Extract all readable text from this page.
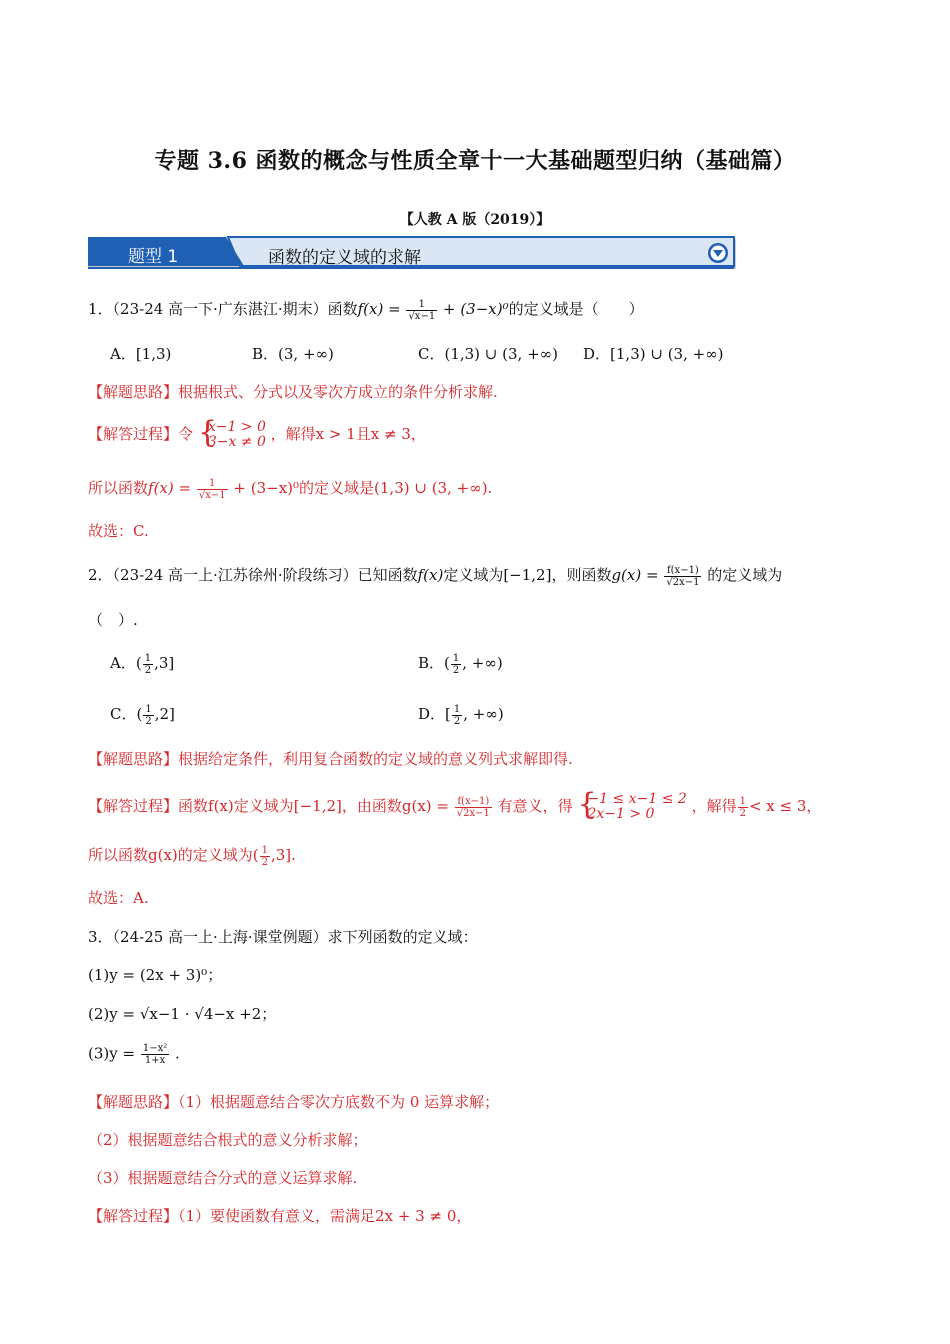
专题 3.6 函数的概念与性质全章十一大基础题型归纳（基础篇）
【人教 A 版（2019）】
题型 1	函数的定义域的求解
1．（23-24 高一下·广东湛江·期末）函数$f(x) = \frac{1}{√x-1} + (3-x)^0$的定义域是（　　）
A．[1,3)	B．(3, +∞)	C．(1,3) ∪ (3, +∞) D．[1,3) ∪ (3, +∞)
【解题思路】根据根式、分式以及零次方成立的条件分析求解.
【解答过程】令 { x−1 > 0
3−x ≠ 0 ，解得x > 1且x ≠ 3，
所以函数$f(x) = \frac{1}{√x-1} + (3-x)^0$的定义域是(1,3) ∪ (3, +∞).
故选：C.
2．（23-24 高一上·江苏徐州·阶段练习）已知函数f(x)定义域为[−1,2]，则函数$g(x) = \frac{f(x-1)}{√2x-1}$ 的定义域为
（　）.
A．( $\frac{1}{2} ,3$]	B．( $\frac{1}{2}$ , +∞)
C．( $\frac{1}{2} ,2$]	D．[ $\frac{1}{2}$ , +∞)
【解题思路】根据给定条件，利用复合函数的定义域的意义列式求解即得.
【解答过程】函数f(x)定义域为[−1,2]，由函数$g(x) = \frac{f(x-1)}{√2x-1}$ 有意义，得 { −1 ≤ x−1 ≤ 2
2x−1 > 0	，解得 $\frac{1}{2} < x \le 3$，
所以函数g(x)的定义域为( $\frac{1}{2} ,3$].
故选：A.
3．（24-25 高一上·上海·课堂例题）求下列函数的定义域：
(1)y = (2x + 3)⁰；
(2)y = √x−1 · √4−x +2；
$(3)y = \frac{\text{1−x²}}{1+x}$ .
【解题思路】（1）根据题意结合零次方底数不为 0 运算求解；
（2）根据题意结合根式的意义分析求解；
（3）根据题意结合分式的意义运算求解.
【解答过程】（1）要使函数有意义，需满足2x + 3 ≠ 0，
